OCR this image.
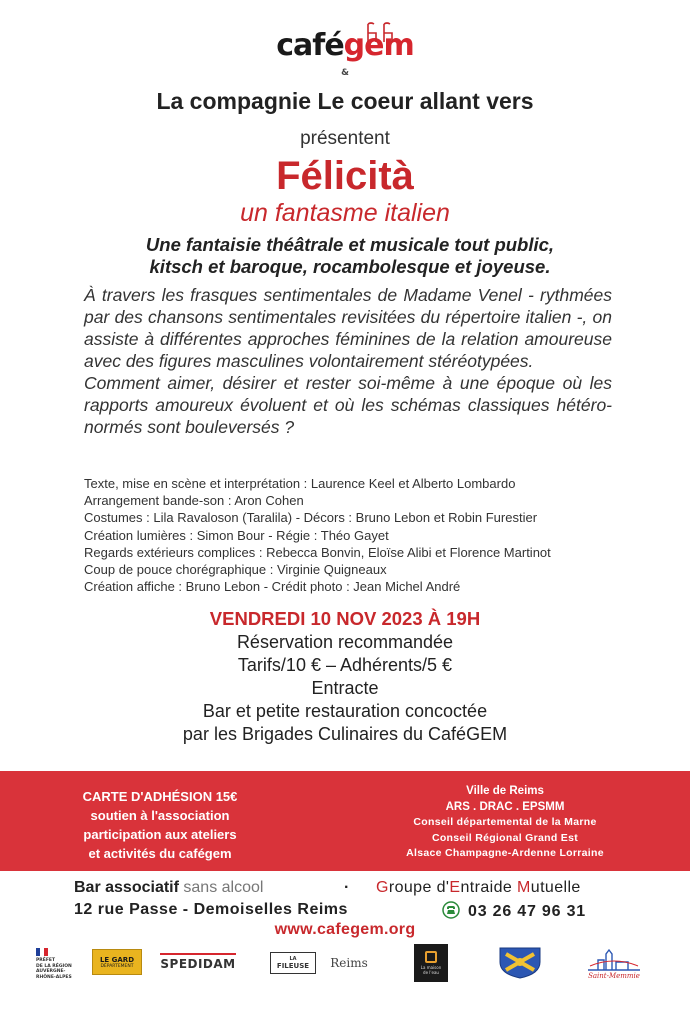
cafégem
&
La compagnie Le coeur allant vers
présentent
Félicità
un fantasme italien
Une fantaisie théâtrale et musicale tout public,
kitsch et baroque, rocambolesque et joyeuse.

À travers les frasques sentimentales de Madame Venel - rythmées par des chansons sentimentales revisitées du répertoire italien -, on assiste à différentes approches féminines de la relation amoureuse avec des figures masculines volontairement stéréotypées.

Comment aimer, désirer et rester soi-même à une époque où les rapports amoureux évoluent et où les schémas classiques hétéro-normés sont bouleversés ?

Texte, mise en scène et interprétation : Laurence Keel et Alberto Lombardo
Arrangement bande-son : Aron Cohen
Costumes : Lila Ravaloson (Taralila) - Décors : Bruno Lebon et Robin Furestier
Création lumières : Simon Bour - Régie : Théo Gayet
Regards extérieurs complices : Rebecca Bonvin, Eloïse Alibi et Florence Martinot
Coup de pouce chorégraphique : Virginie Quigneaux
Création affiche : Bruno Lebon - Crédit photo : Jean Michel André
VENDREDI 10 NOV 2023 À 19H
Réservation recommandée
Tarifs/10 € – Adhérents/5 €
Entracte
Bar et petite restauration concoctée
par les Brigades Culinaires du CaféGEM
CARTE D'ADHÉSION 15€
soutien à l'association
participation aux ateliers
et activités du cafégem
Ville de Reims
ARS . DRAC . EPSMM
Conseil départemental de la Marne
Conseil Régional Grand Est
Alsace Champagne-Ardenne Lorraine
Bar associatif sans alcool	· Groupe d'Entraide Mutuelle
12 rue Passe - Demoiselles Reims	03 26 47 96 31
www.cafegem.org
PRÉFET
DE LA RÉGION
AUVERGNE-
RHÔNE-ALPES
LE GARD
DÉPARTEMENT SPEDIDAM	LA
FILEUSE Reims	La maison
de l'eau	Saint-Memmie
